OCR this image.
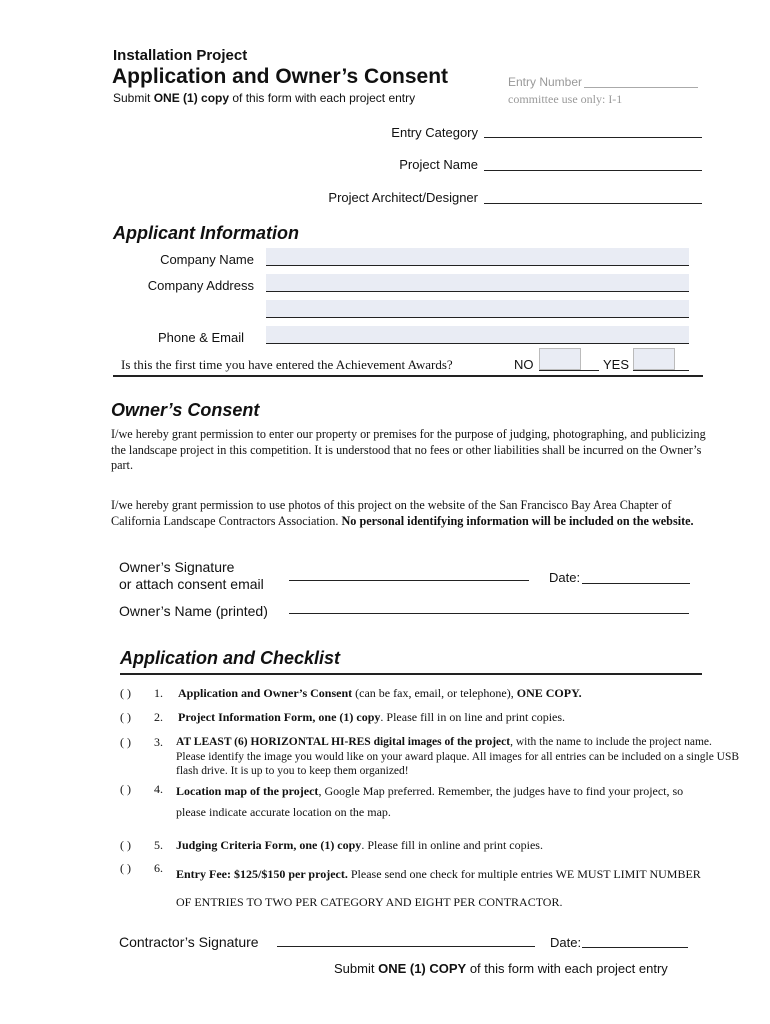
Installation Project
Application and Owner’s Consent
Submit ONE (1) copy of this form with each project entry
Entry Number
committee use only: I-1
Entry Category
Project Name
Project Architect/Designer
Applicant Information
Company Name
Company Address
Phone & Email
Is this the first time you have entered the Achievement Awards?	NO	YES
Owner’s Consent
I/we hereby grant permission to enter our property or premises for the purpose of judging, photographing, and publicizing the landscape project in this competition. It is understood that no fees or other liabilities shall be incurred on the Owner’s part.
I/we hereby grant permission to use photos of this project on the website of the San Francisco Bay Area Chapter of California Landscape Contractors Association. No personal identifying information will be included on the website.
Owner’s Signature
or attach consent email	Date:
Owner’s Name (printed)
Application and Checklist
( ) 1. Application and Owner’s Consent (can be fax, email, or telephone), ONE COPY.
( ) 2. Project Information Form, one (1) copy. Please fill in on line and print copies.
( ) 3. AT LEAST (6) HORIZONTAL HI-RES digital images of the project, with the name to include the project name. Please identify the image you would like on your award plaque. All images for all entries can be included on a single USB flash drive. It is up to you to keep them organized!
( ) 4. Location map of the project, Google Map preferred. Remember, the judges have to find your project, so please indicate accurate location on the map.
( ) 5. Judging Criteria Form, one (1) copy. Please fill in online and print copies.
( ) 6. Entry Fee: $125/$150 per project. Please send one check for multiple entries WE MUST LIMIT NUMBER OF ENTRIES TO TWO PER CATEGORY AND EIGHT PER CONTRACTOR.
Contractor’s Signature	Date:
Submit ONE (1) COPY of this form with each project entry
